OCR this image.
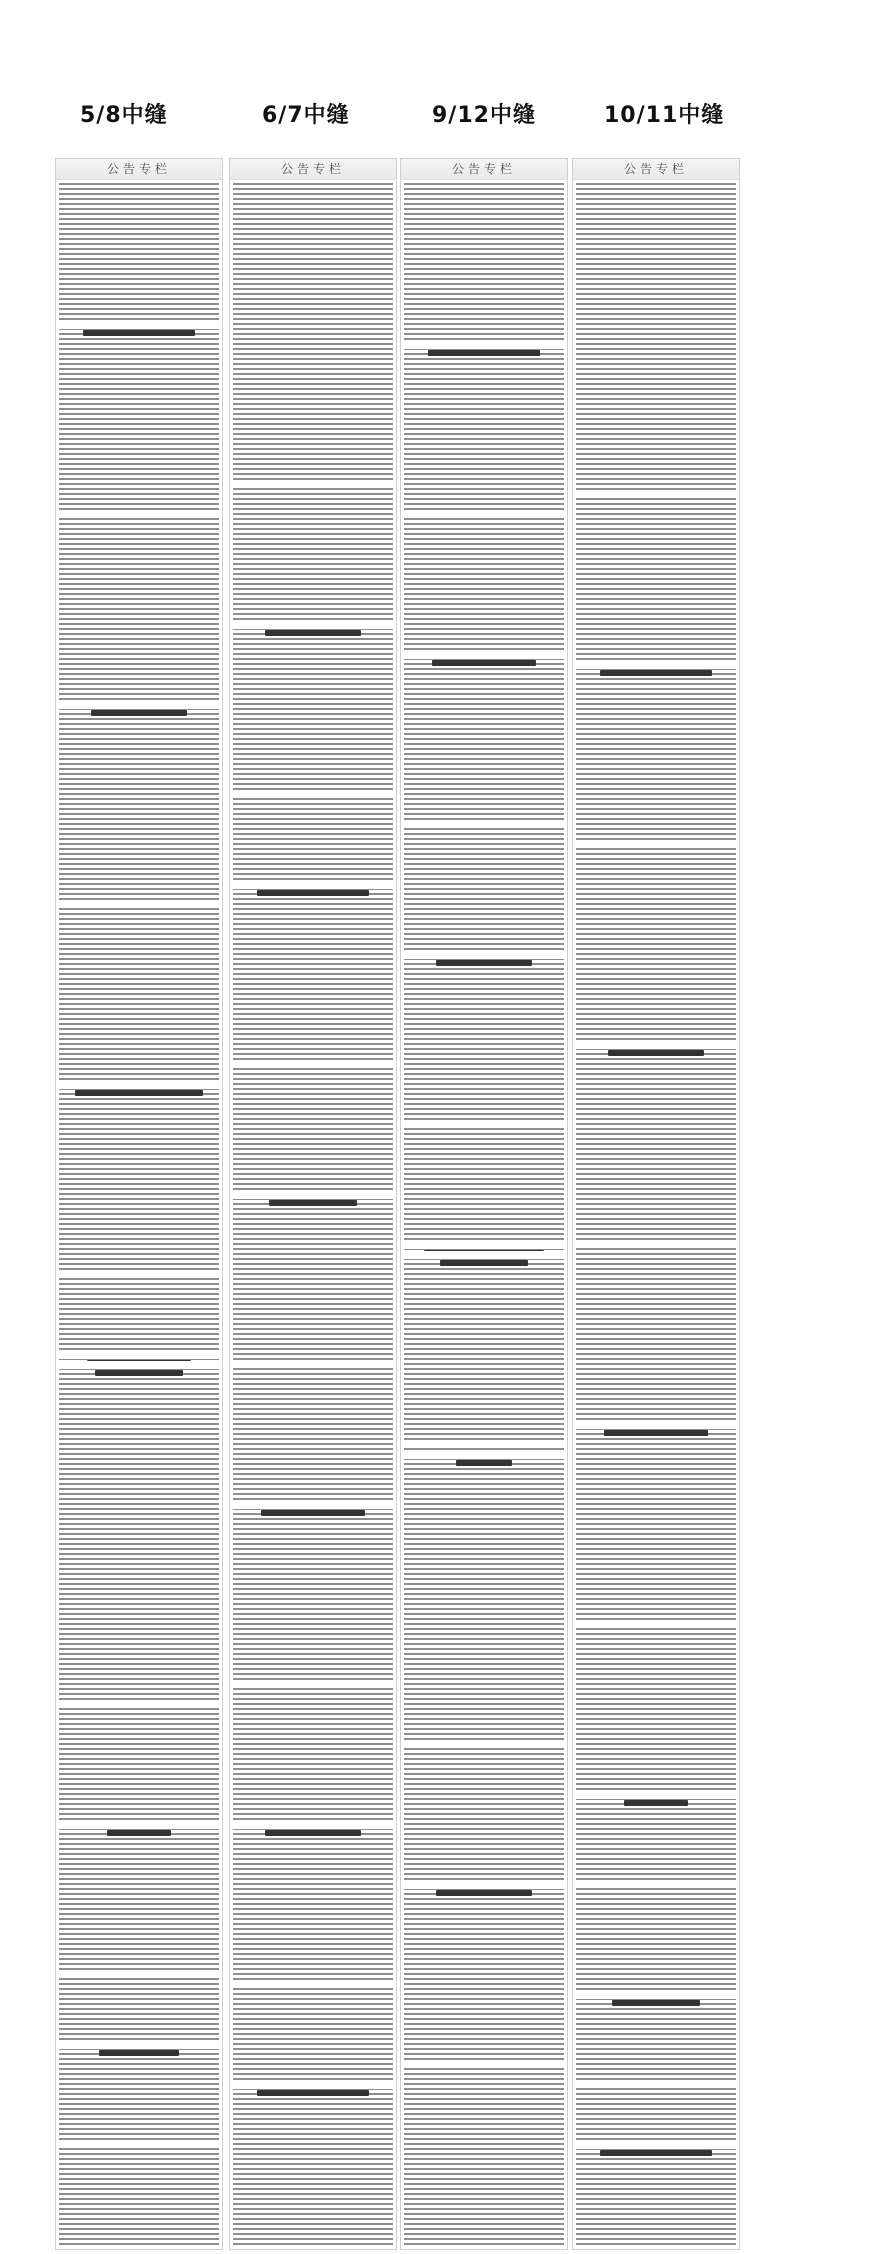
5/8中缝	6/7中缝	9/12中缝	10/11中缝
公告专栏	公告专栏	公告专栏	公告专栏
